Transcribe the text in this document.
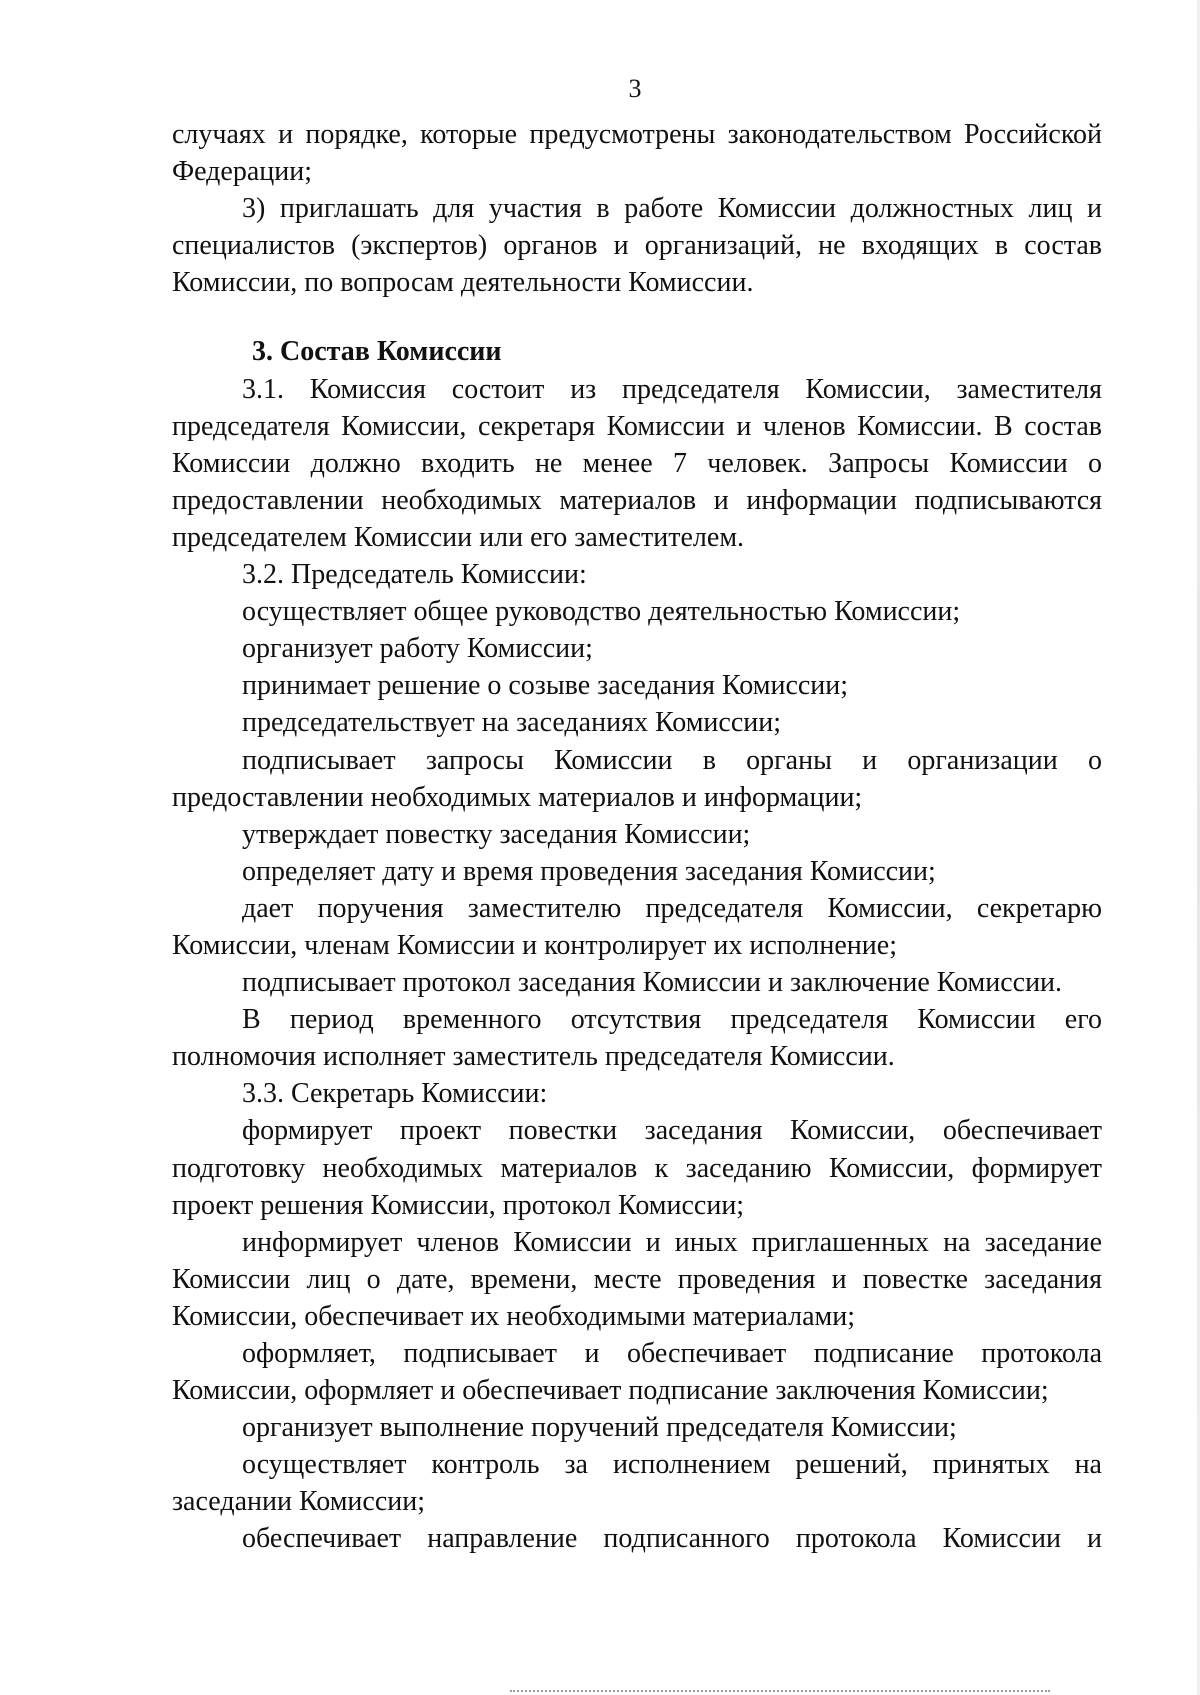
3

случаях и порядке, которые предусмотрены законодательством Российской Федерации;

3) приглашать для участия в работе Комиссии должностных лиц и специалистов (экспертов) органов и организаций, не входящих в состав Комиссии, по вопросам деятельности Комиссии.

3. Состав Комиссии

3.1. Комиссия состоит из председателя Комиссии, заместителя председателя Комиссии, секретаря Комиссии и членов Комиссии. В состав Комиссии должно входить не менее 7 человек. Запросы Комиссии о предоставлении необходимых материалов и информации подписываются председателем Комиссии или его заместителем.

3.2. Председатель Комиссии:

осуществляет общее руководство деятельностью Комиссии;

организует работу Комиссии;

принимает решение о созыве заседания Комиссии;

председательствует на заседаниях Комиссии;

подписывает запросы Комиссии в органы и организации о предоставлении необходимых материалов и информации;

утверждает повестку заседания Комиссии;

определяет дату и время проведения заседания Комиссии;

дает поручения заместителю председателя Комиссии, секретарю Комиссии, членам Комиссии и контролирует их исполнение;

подписывает протокол заседания Комиссии и заключение Комиссии.

В период временного отсутствия председателя Комиссии его полномочия исполняет заместитель председателя Комиссии.

3.3. Секретарь Комиссии:

формирует проект повестки заседания Комиссии, обеспечивает подготовку необходимых материалов к заседанию Комиссии, формирует проект решения Комиссии, протокол Комиссии;

информирует членов Комиссии и иных приглашенных на заседание Комиссии лиц о дате, времени, месте проведения и повестке заседания Комиссии, обеспечивает их необходимыми материалами;

оформляет, подписывает и обеспечивает подписание протокола Комиссии, оформляет и обеспечивает подписание заключения Комиссии;

организует выполнение поручений председателя Комиссии;

осуществляет контроль за исполнением решений, принятых на заседании Комиссии;

обеспечивает направление подписанного протокола Комиссии и
